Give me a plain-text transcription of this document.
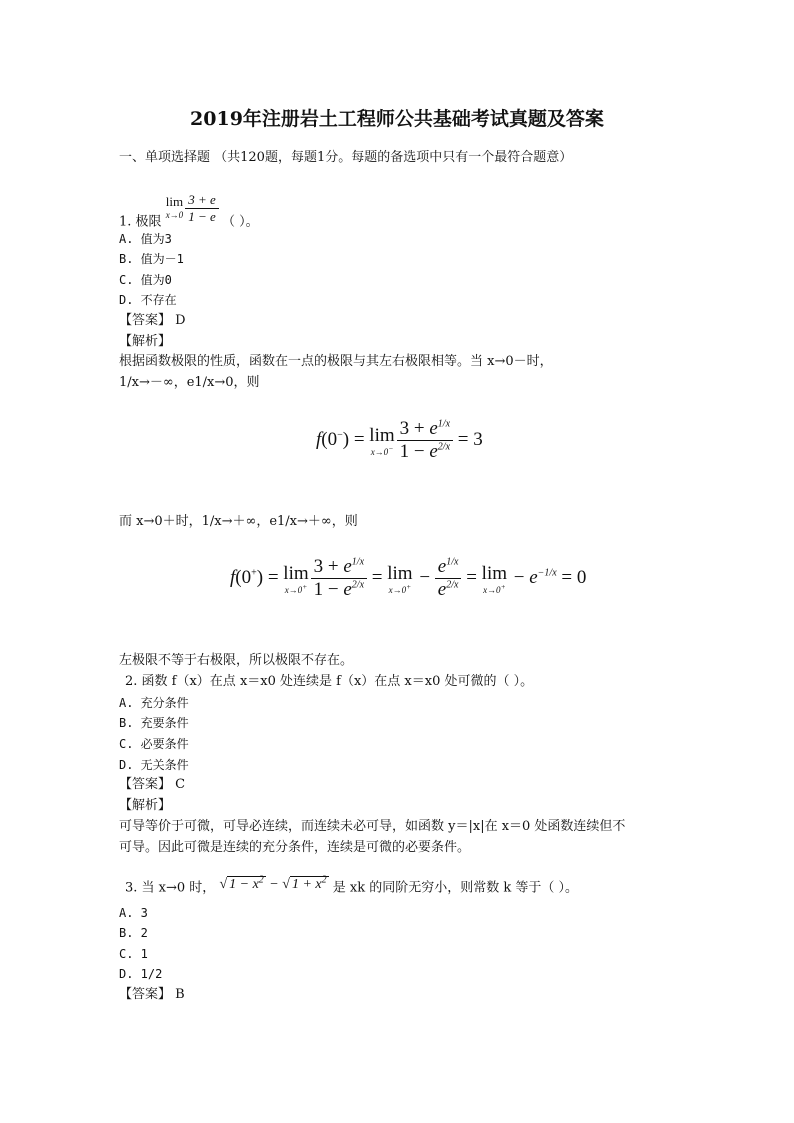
2019年注册岩土工程师公共基础考试真题及答案
一、单项选择题 （共120题，每题1分。每题的备选项中只有一个最符合题意）
1. 极限
lim
$x\to 0 \frac{3 + e}{1 - e}$ （ ）。
A. 值为3
B. 值为－1
C. 值为0
D. 不存在
【答案】 D
【解析】
根据函数极限的性质，函数在一点的极限与其左右极限相等。当 x→0－时，
1/x→－∞，e1/x→0，则
f(0−) = lim
$x\to 0^- \frac{3 + e^{1/x}}{1 - e^{2/x}} = 3$
而 x→0＋时，1/x→＋∞，e1/x→＋∞，则
f(0+) = lim
$x\to 0^+ \frac{3 + e^{1/x}}{1 - e^{2/x}} = \lim$
$x\to 0^+ - \frac{e^{1/x}}{e^{2/x}} = \lim$
$x\to 0^+ - e^{-1/x} = 0$
左极限不等于右极限，所以极限不存在。
2. 函数 f（x）在点 x＝x0 处连续是 f（x）在点 x＝x0 处可微的（ ）。
A. 充分条件
B. 充要条件
C. 必要条件
D. 无关条件
【答案】 C
【解析】
可导等价于可微，可导必连续，而连续未必可导，如函数 y＝|x|在 x＝0 处函数连续但不
可导。因此可微是连续的充分条件，连续是可微的必要条件。
3. 当 x→0 时， √ $1 - x^2$ − √ $1 + x^2$ 是 xk 的同阶无穷小，则常数 k 等于（ ）。
A. 3
B. 2
C. 1
D. 1/2
【答案】 B
